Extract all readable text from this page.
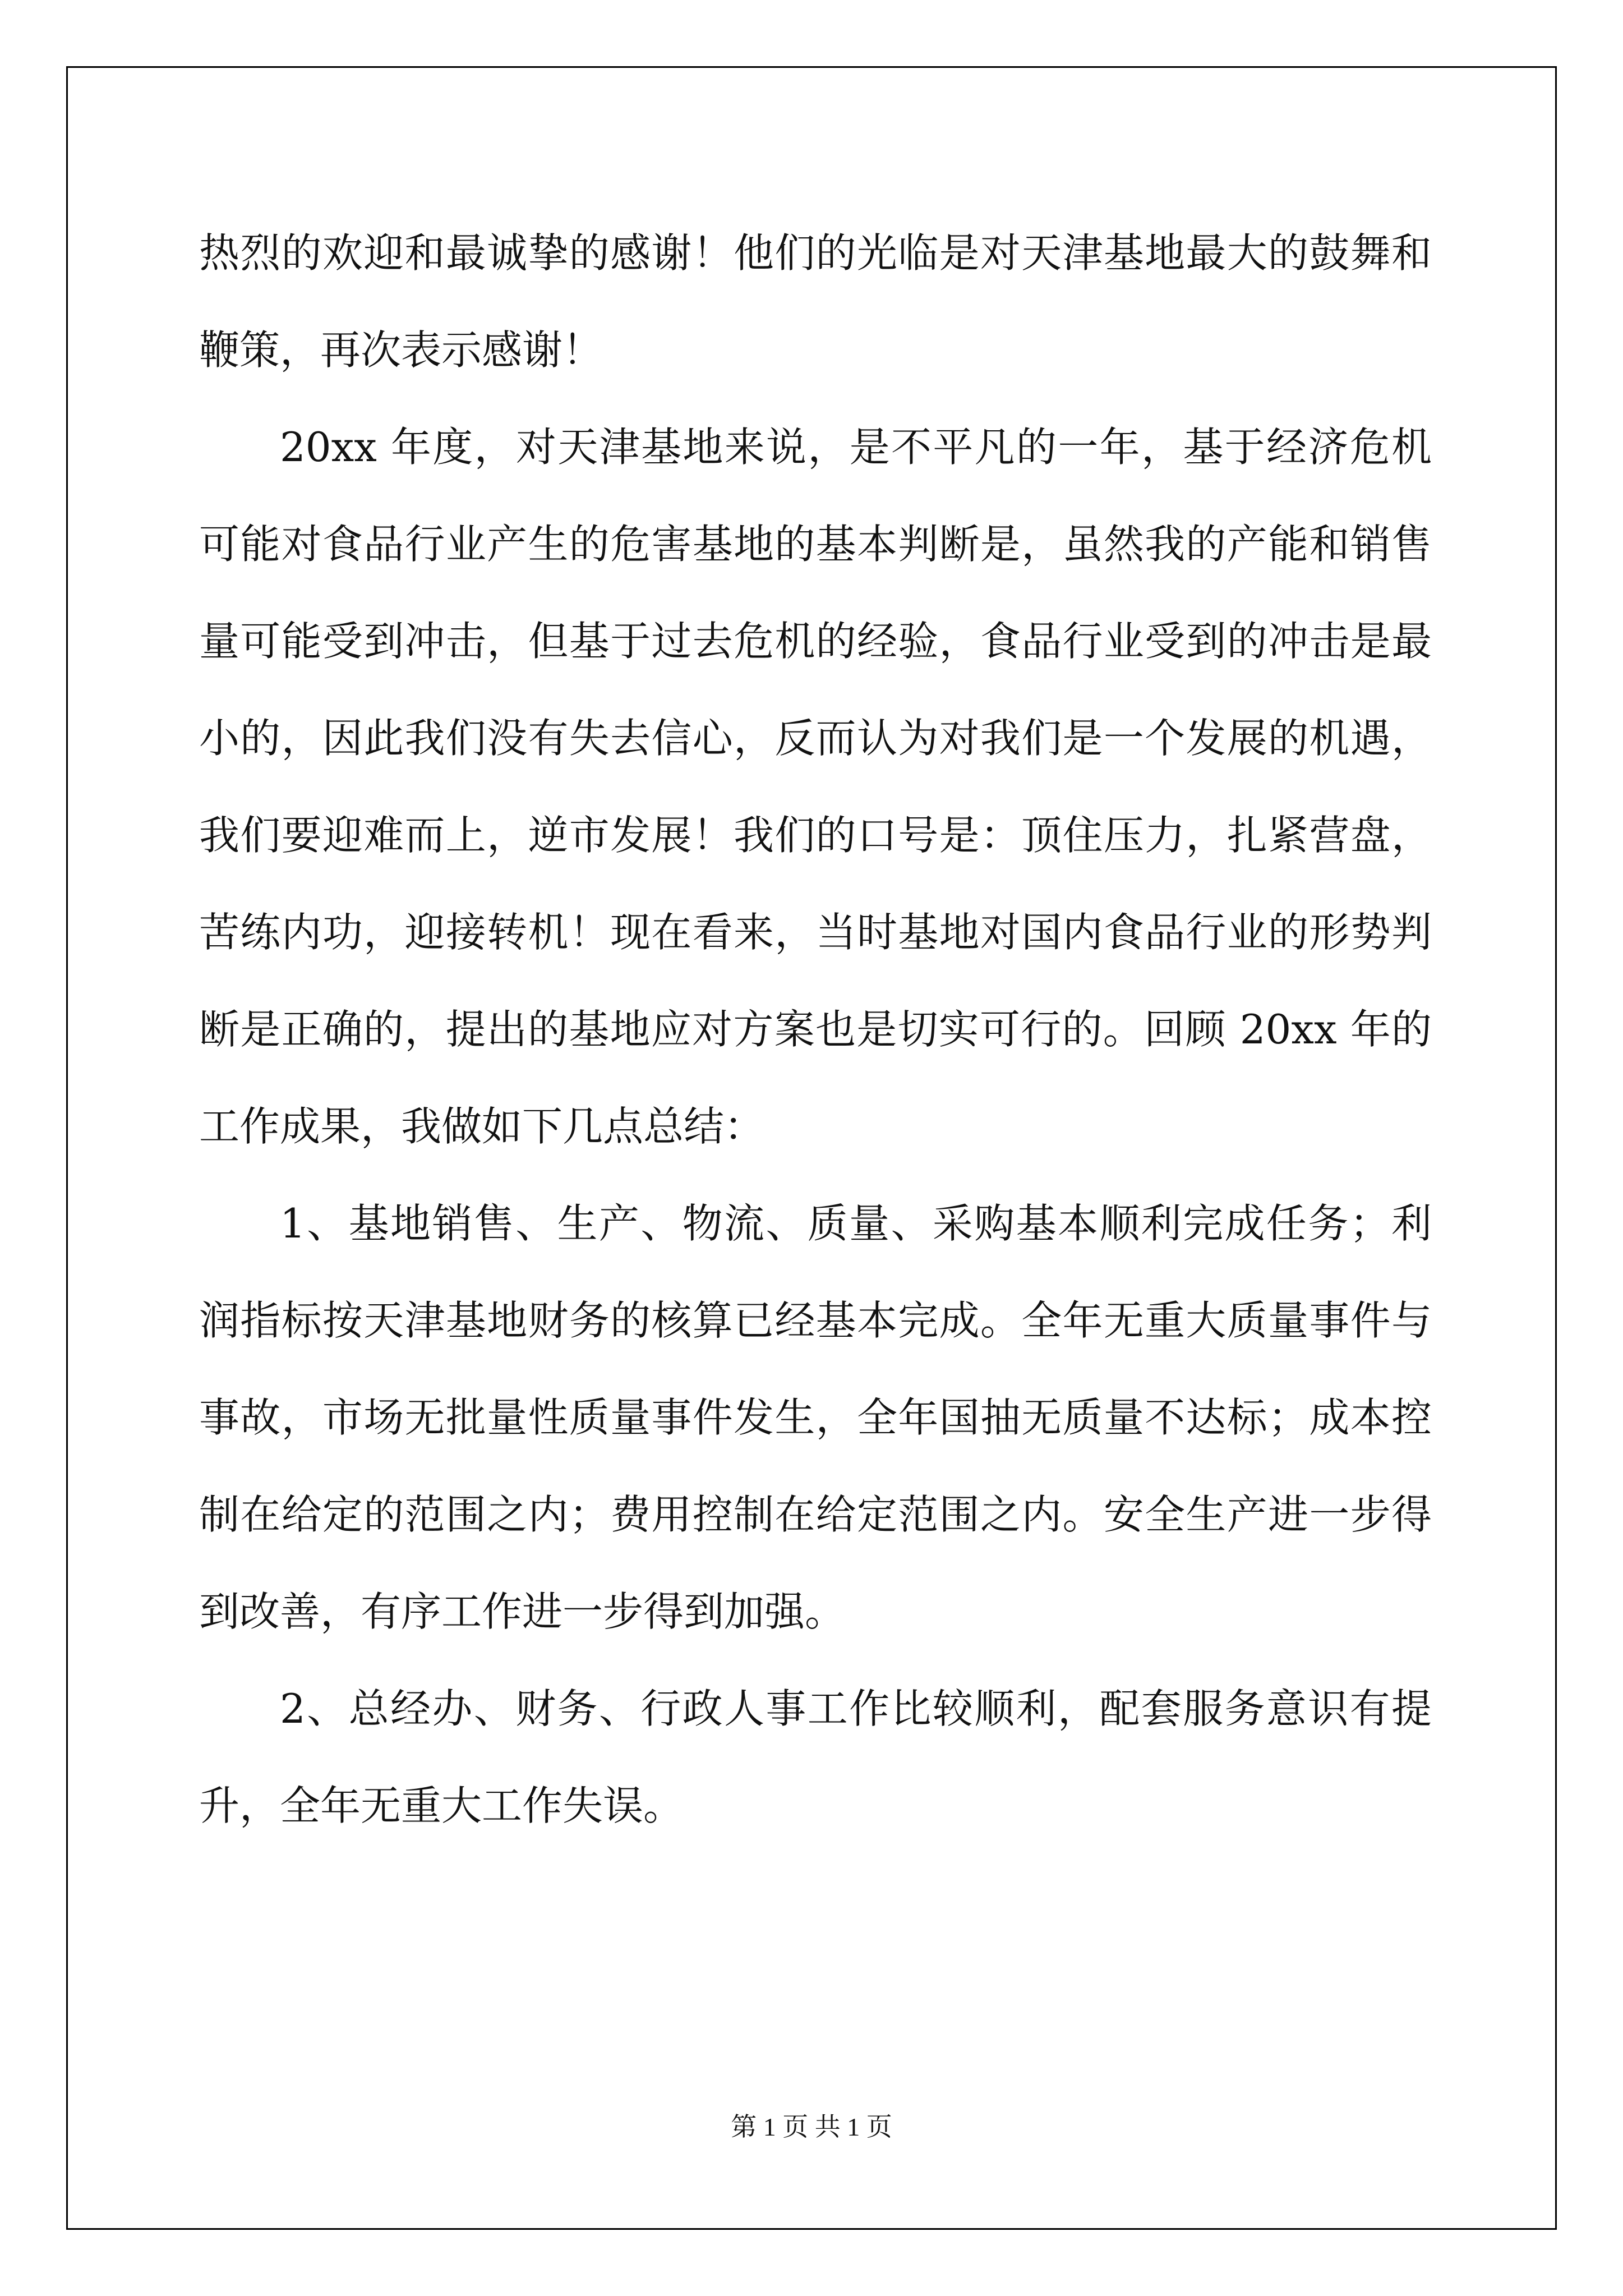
热烈的欢迎和最诚挚的感谢！他们的光临是对天津基地最大的鼓舞和鞭策，再次表示感谢！

20xx 年度，对天津基地来说，是不平凡的一年，基于经济危机可能对食品行业产生的危害基地的基本判断是，虽然我的产能和销售量可能受到冲击，但基于过去危机的经验，食品行业受到的冲击是最小的，因此我们没有失去信心，反而认为对我们是一个发展的机遇，我们要迎难而上，逆市发展！我们的口号是：顶住压力，扎紧营盘，苦练内功，迎接转机！现在看来，当时基地对国内食品行业的形势判断是正确的，提出的基地应对方案也是切实可行的。回顾 20xx 年的工作成果，我做如下几点总结：

1、基地销售、生产、物流、质量、采购基本顺利完成任务；利润指标按天津基地财务的核算已经基本完成。全年无重大质量事件与事故，市场无批量性质量事件发生，全年国抽无质量不达标；成本控制在给定的范围之内；费用控制在给定范围之内。安全生产进一步得到改善，有序工作进一步得到加强。

2、总经办、财务、行政人事工作比较顺利，配套服务意识有提升，全年无重大工作失误。

第 1 页 共 1 页
